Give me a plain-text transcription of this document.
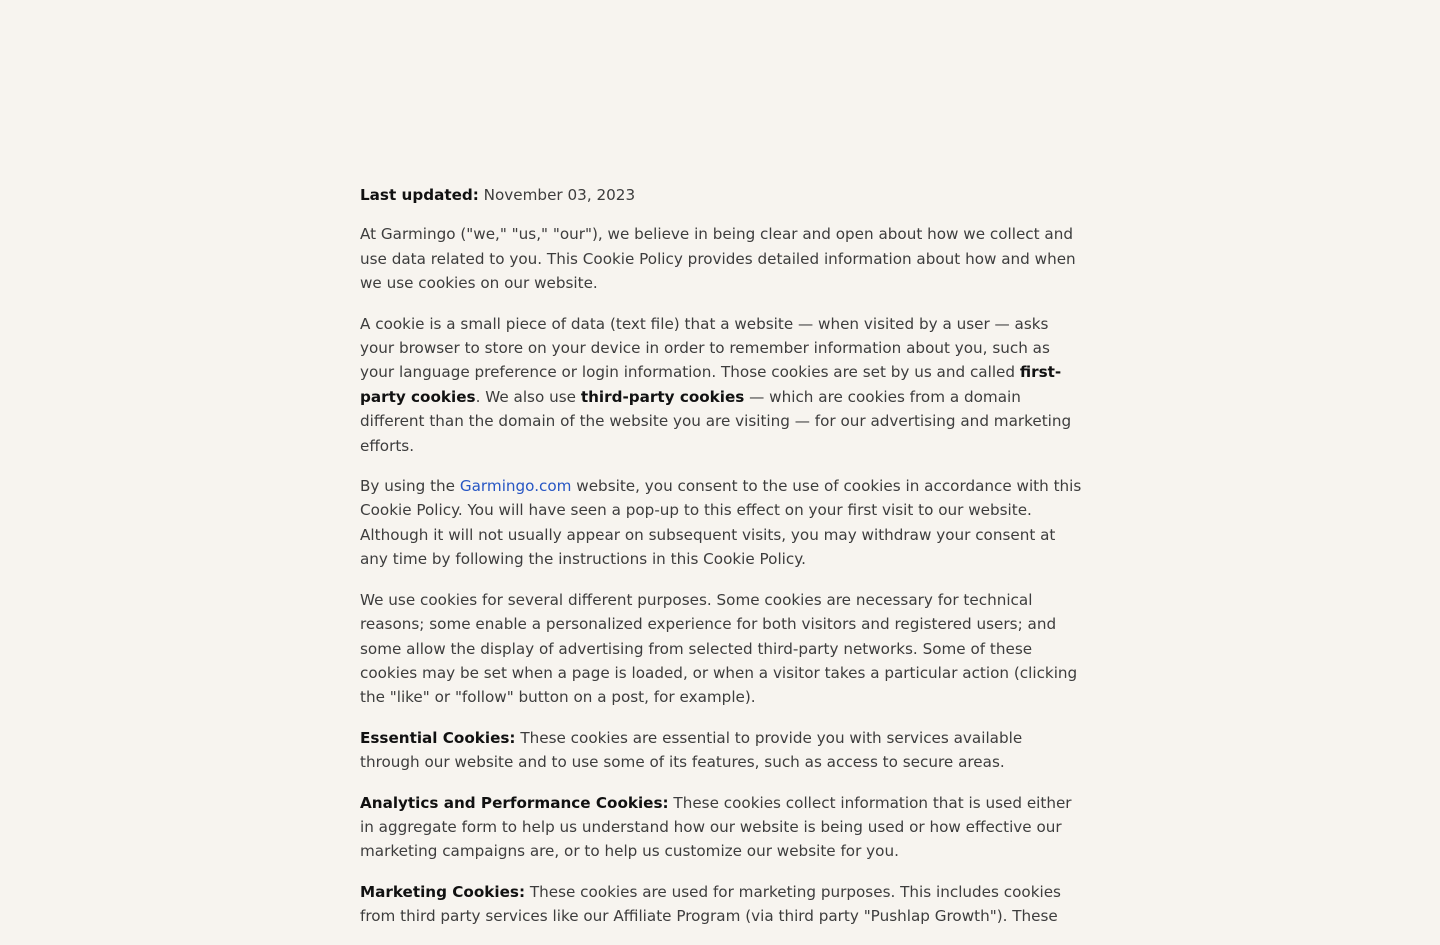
Last updated: November 03, 2023

At Garmingo ("we," "us," "our"), we believe in being clear and open about how we collect and use data related to you. This Cookie Policy provides detailed information about how and when we use cookies on our website.

A cookie is a small piece of data (text file) that a website — when visited by a user — asks your browser to store on your device in order to remember information about you, such as your language preference or login information. Those cookies are set by us and called first-party cookies. We also use third-party cookies — which are cookies from a domain different than the domain of the website you are visiting — for our advertising and marketing efforts.

By using the Garmingo.com website, you consent to the use of cookies in accordance with this Cookie Policy. You will have seen a pop-up to this effect on your first visit to our website. Although it will not usually appear on subsequent visits, you may withdraw your consent at any time by following the instructions in this Cookie Policy.

We use cookies for several different purposes. Some cookies are necessary for technical reasons; some enable a personalized experience for both visitors and registered users; and some allow the display of advertising from selected third-party networks. Some of these cookies may be set when a page is loaded, or when a visitor takes a particular action (clicking the "like" or "follow" button on a post, for example).

Essential Cookies: These cookies are essential to provide you with services available through our website and to use some of its features, such as access to secure areas.

Analytics and Performance Cookies: These cookies collect information that is used either in aggregate form to help us understand how our website is being used or how effective our marketing campaigns are, or to help us customize our website for you.

Marketing Cookies: These cookies are used for marketing purposes. This includes cookies from third party services like our Affiliate Program (via third party "Pushlap Growth"). These
